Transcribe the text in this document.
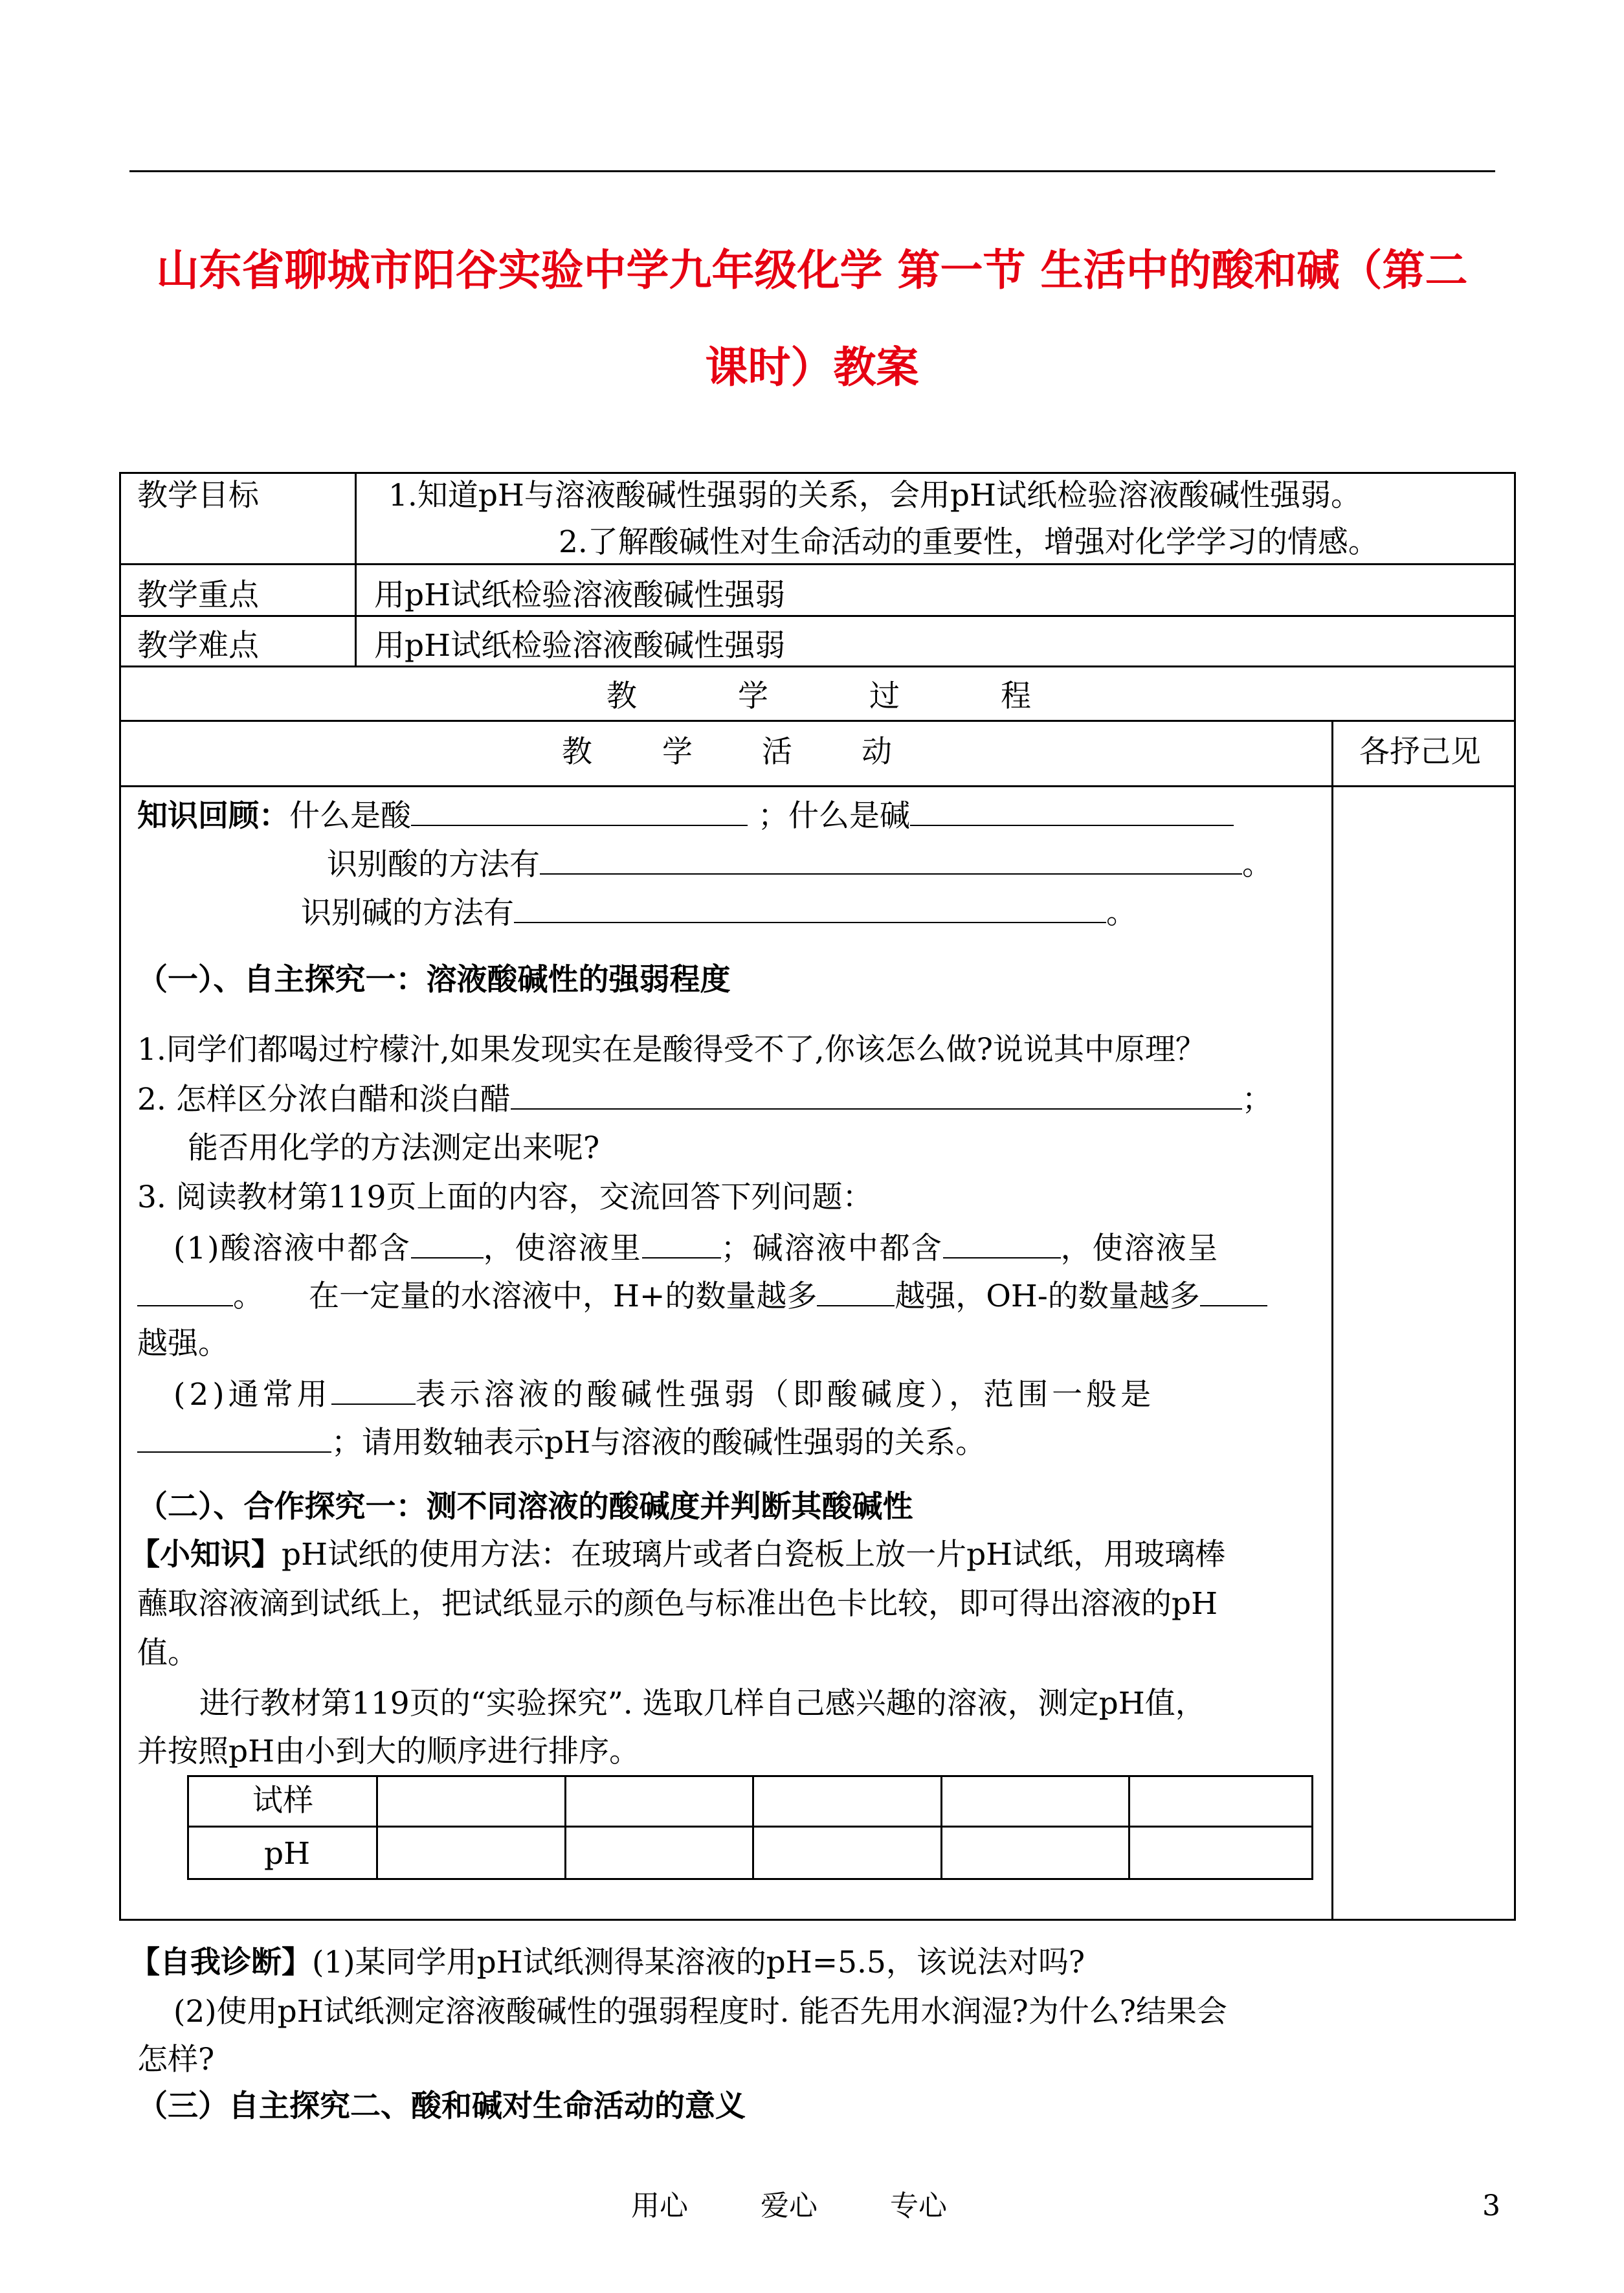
山东省聊城市阳谷实验中学九年级化学 第一节 生活中的酸和碱（第二
课时）教案
教学目标	1.知道pH与溶液酸碱性强弱的关系，会用pH试纸检验溶液酸碱性强弱。
2.了解酸碱性对生命活动的重要性，增强对化学学习的情感。
教学重点	用pH试纸检验溶液酸碱性强弱
教学难点	用pH试纸检验溶液酸碱性强弱
教	学	过	程
教 学 活 动	各抒己见
知识回顾：什么是酸	；什么是碱
识别酸的方法有	。
识别碱的方法有	。
（一）、自主探究一：溶液酸碱性的强弱程度
1.同学们都喝过柠檬汁,如果发现实在是酸得受不了,你该怎么做?说说其中原理？
2. 怎样区分浓白醋和淡白醋	；
能否用化学的方法测定出来呢?
3. 阅读教材第119页上面的内容，交流回答下列问题：
(1)酸溶液中都含 ，使溶液里	；碱溶液中都含	，使溶液呈
。 在一定量的水溶液中，H+的数量越多	越强，OH-的数量越多
越强。
(2)通常用	表示溶液的酸碱性强弱（即酸碱度），范围一般是
；请用数轴表示pH与溶液的酸碱性强弱的关系。
（二）、合作探究一：测不同溶液的酸碱度并判断其酸碱性
【小知识】pH试纸的使用方法：在玻璃片或者白瓷板上放一片pH试纸，用玻璃棒
蘸取溶液滴到试纸上，把试纸显示的颜色与标准出色卡比较，即可得出溶液的pH
值。
进行教材第119页的“实验探究”. 选取几样自己感兴趣的溶液，测定pH值，
并按照pH由小到大的顺序进行排序。
试样
pH
【自我诊断】(1)某同学用pH试纸测得某溶液的pH=5.5，该说法对吗?
(2)使用pH试纸测定溶液酸碱性的强弱程度时. 能否先用水润湿?为什么?结果会
怎样?
（三）自主探究二、酸和碱对生命活动的意义
用心	爱心	专心	3
